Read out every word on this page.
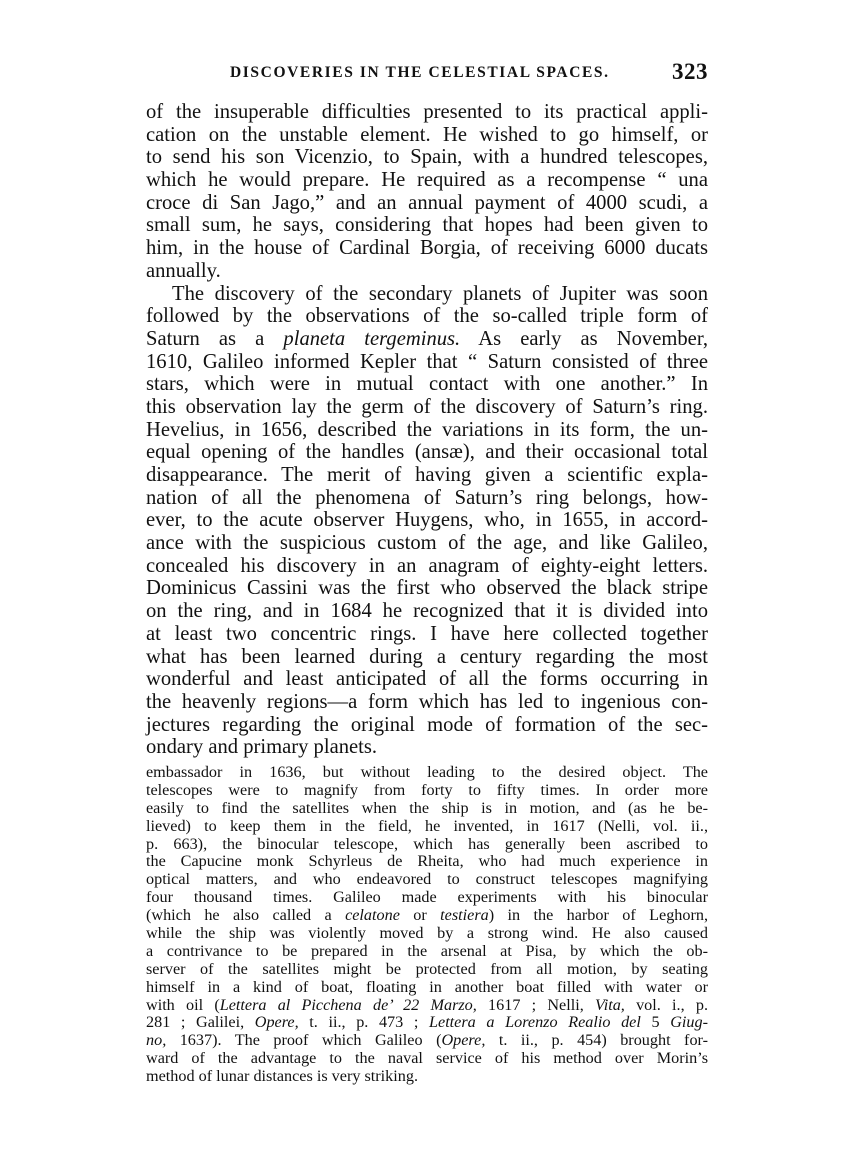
DISCOVERIES IN THE CELESTIAL SPACES.	323
of the insuperable difficulties presented to its practical appli-
cation on the unstable element. He wished to go himself, or
to send his son Vicenzio, to Spain, with a hundred telescopes,
which he would prepare. He required as a recompense “ una
croce di San Jago,” and an annual payment of 4000 scudi, a
small sum, he says, considering that hopes had been given to
him, in the house of Cardinal Borgia, of receiving 6000 ducats
annually.
The discovery of the secondary planets of Jupiter was soon
followed by the observations of the so-called triple form of
Saturn as a planeta tergeminus. As early as November,
1610, Galileo informed Kepler that “ Saturn consisted of three
stars, which were in mutual contact with one another.” In
this observation lay the germ of the discovery of Saturn’s ring.
Hevelius, in 1656, described the variations in its form, the un-
equal opening of the handles (ansæ), and their occasional total
disappearance. The merit of having given a scientific expla-
nation of all the phenomena of Saturn’s ring belongs, how-
ever, to the acute observer Huygens, who, in 1655, in accord-
ance with the suspicious custom of the age, and like Galileo,
concealed his discovery in an anagram of eighty-eight letters.
Dominicus Cassini was the first who observed the black stripe
on the ring, and in 1684 he recognized that it is divided into
at least two concentric rings. I have here collected together
what has been learned during a century regarding the most
wonderful and least anticipated of all the forms occurring in
the heavenly regions—a form which has led to ingenious con-
jectures regarding the original mode of formation of the sec-
ondary and primary planets.
embassador in 1636, but without leading to the desired object. The
telescopes were to magnify from forty to fifty times. In order more
easily to find the satellites when the ship is in motion, and (as he be-
lieved) to keep them in the field, he invented, in 1617 (Nelli, vol. ii.,
p. 663), the binocular telescope, which has generally been ascribed to
the Capucine monk Schyrleus de Rheita, who had much experience in
optical matters, and who endeavored to construct telescopes magnifying
four thousand times. Galileo made experiments with his binocular
(which he also called a celatone or testiera) in the harbor of Leghorn,
while the ship was violently moved by a strong wind. He also caused
a contrivance to be prepared in the arsenal at Pisa, by which the ob-
server of the satellites might be protected from all motion, by seating
himself in a kind of boat, floating in another boat filled with water or
with oil (Lettera al Picchena de’ 22 Marzo, 1617 ; Nelli, Vita, vol. i., p.
281 ; Galilei, Opere, t. ii., p. 473 ; Lettera a Lorenzo Realio del 5 Giug-
no, 1637). The proof which Galileo (Opere, t. ii., p. 454) brought for-
ward of the advantage to the naval service of his method over Morin’s
method of lunar distances is very striking.
